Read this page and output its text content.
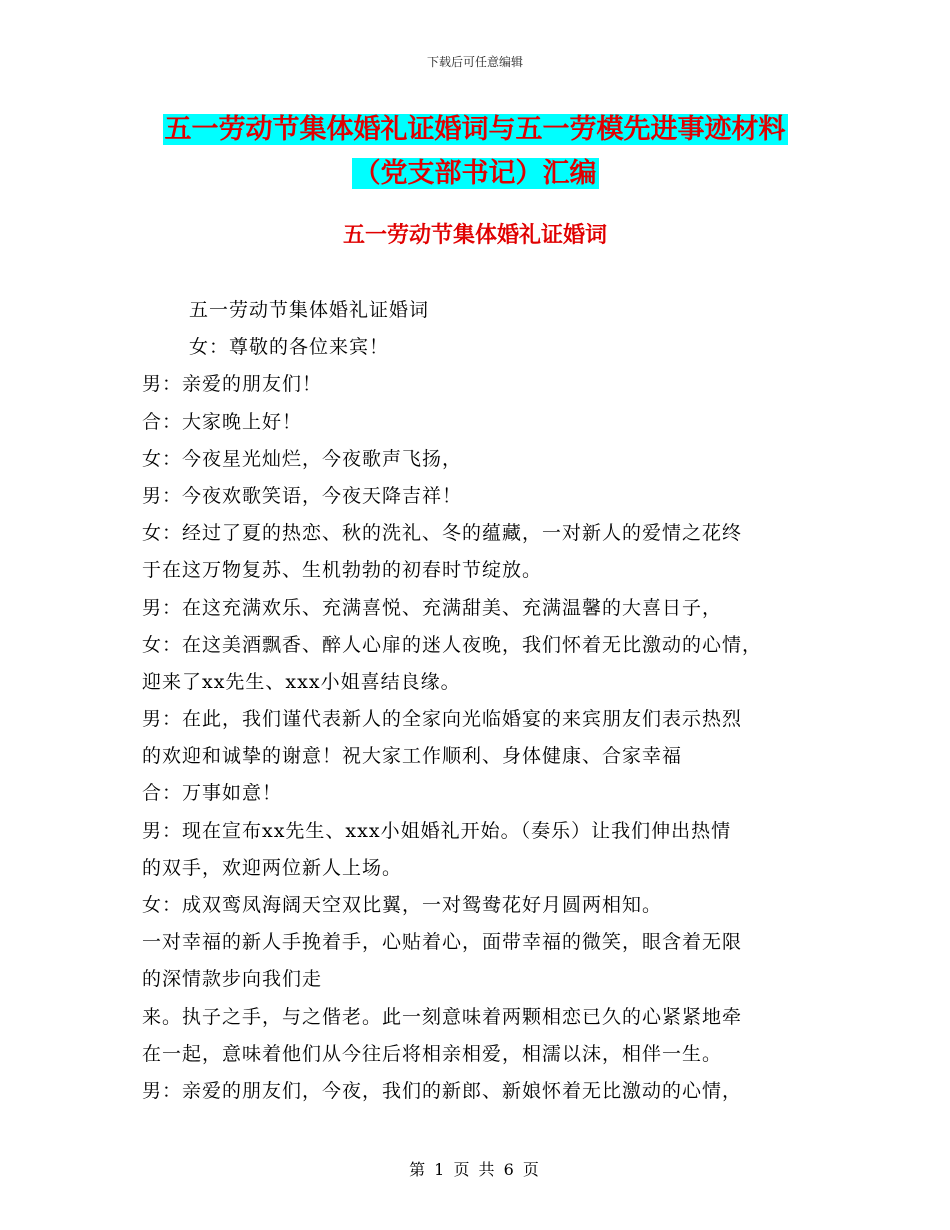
下载后可任意编辑
五一劳动节集体婚礼证婚词与五一劳模先进事迹材料
（党支部书记）汇编
五一劳动节集体婚礼证婚词
五一劳动节集体婚礼证婚词
女：尊敬的各位来宾！
男：亲爱的朋友们！
合：大家晚上好！
女：今夜星光灿烂，今夜歌声飞扬，
男：今夜欢歌笑语，今夜天降吉祥！
女：经过了夏的热恋、秋的洗礼、冬的蕴藏，一对新人的爱情之花终
于在这万物复苏、生机勃勃的初春时节绽放。
男：在这充满欢乐、充满喜悦、充满甜美、充满温馨的大喜日子，
女：在这美酒飘香、醉人心扉的迷人夜晚，我们怀着无比激动的心情，
迎来了xx先生、xxx小姐喜结良缘。
男：在此，我们谨代表新人的全家向光临婚宴的来宾朋友们表示热烈
的欢迎和诚挚的谢意！祝大家工作顺利、身体健康、合家幸福
合：万事如意！
男：现在宣布xx先生、xxx小姐婚礼开始。（奏乐）让我们伸出热情
的双手，欢迎两位新人上场。
女：成双鸾凤海阔天空双比翼，一对鸳鸯花好月圆两相知。
一对幸福的新人手挽着手，心贴着心，面带幸福的微笑，眼含着无限
的深情款步向我们走
来。执子之手，与之偕老。此一刻意味着两颗相恋已久的心紧紧地牵
在一起，意味着他们从今往后将相亲相爱，相濡以沫，相伴一生。
男：亲爱的朋友们，今夜，我们的新郎、新娘怀着无比激动的心情，
第 1 页 共 6 页
